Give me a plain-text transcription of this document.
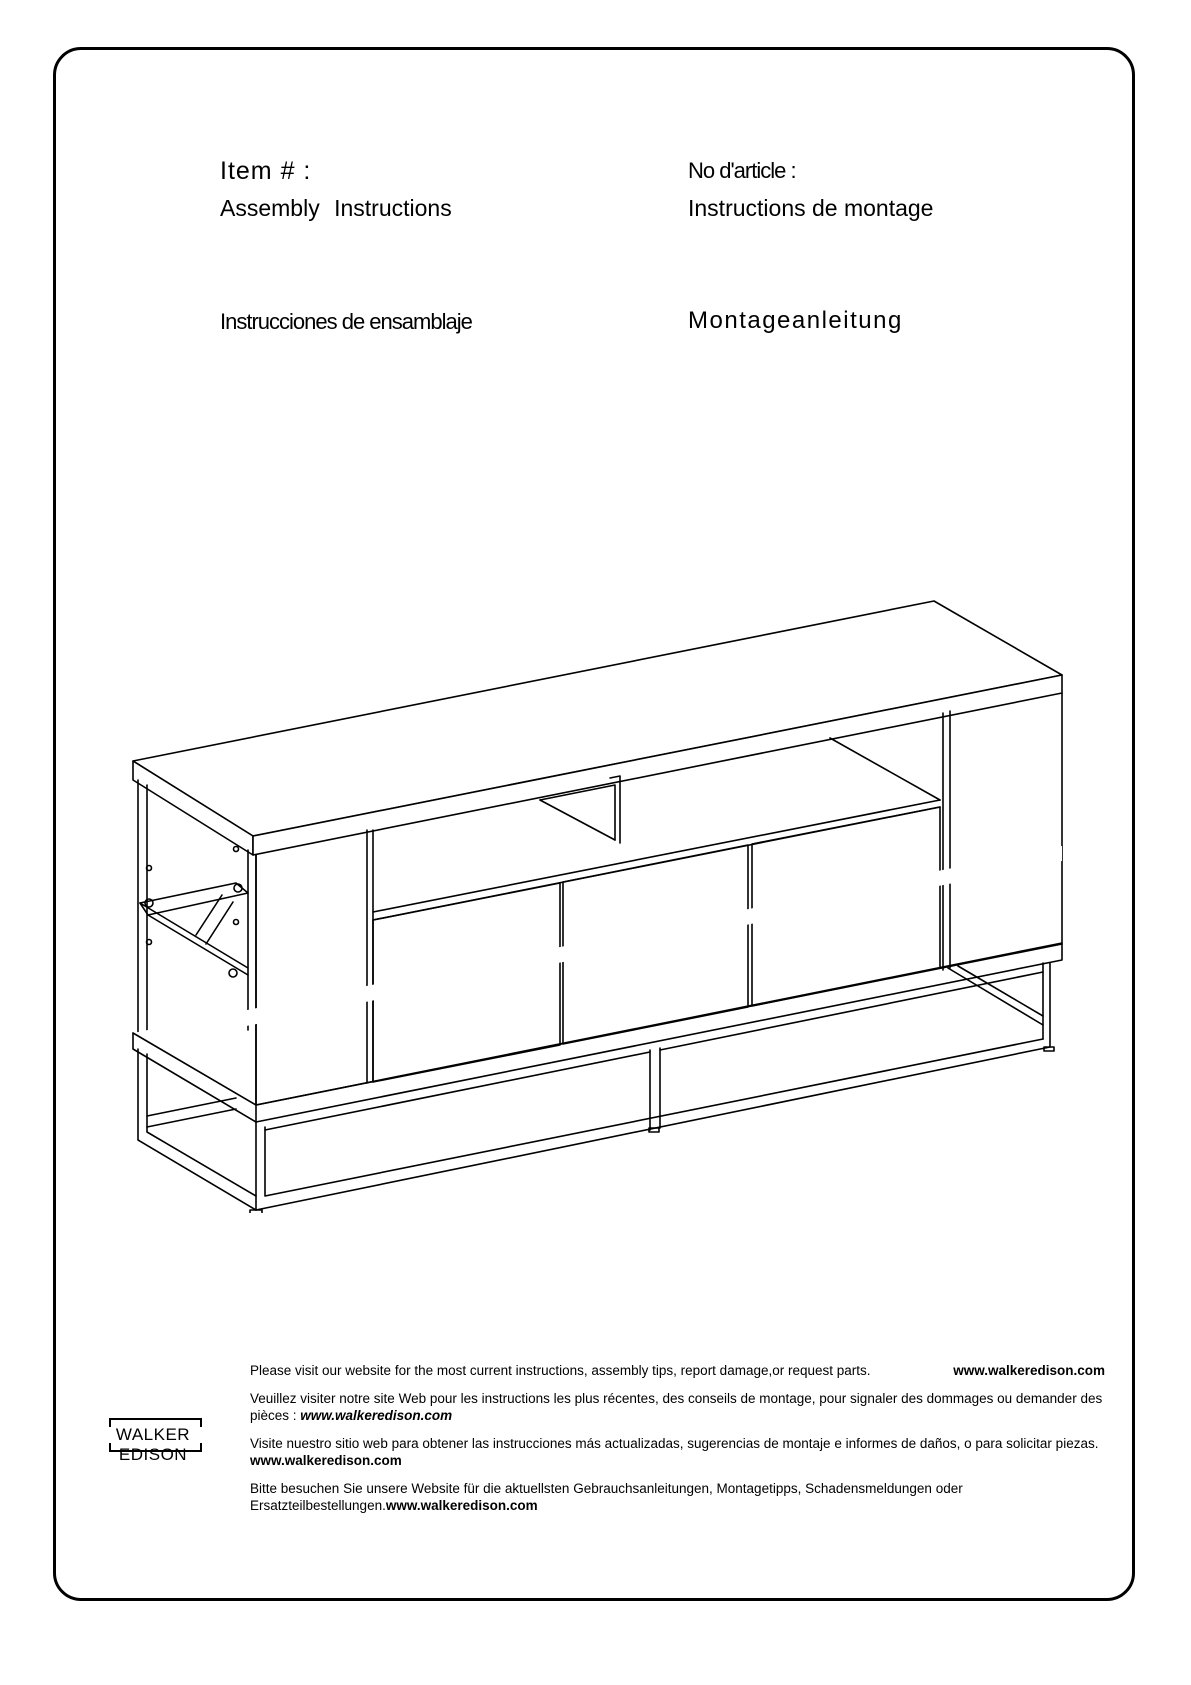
Item # :
Assembly Instructions
No d'article :
Instructions de montage
Instrucciones de ensamblaje	Montageanleitung
WALKER EDISON

Please visit our website for the most current instructions, assembly tips, report damage,or request parts.	www.walkeredison.com

Veuillez visiter notre site Web pour les instructions les plus récentes, des conseils de montage, pour signaler des dommages ou demander des pièces : www.walkeredison.com

Visite nuestro sitio web para obtener las instrucciones más actualizadas, sugerencias de montaje e informes de daños, o para solicitar piezas. www.walkeredison.com

Bitte besuchen Sie unsere Website für die aktuellsten Gebrauchsanleitungen, Montagetipps, Schadensmeldungen oder Ersatzteilbestellungen.www.walkeredison.com
